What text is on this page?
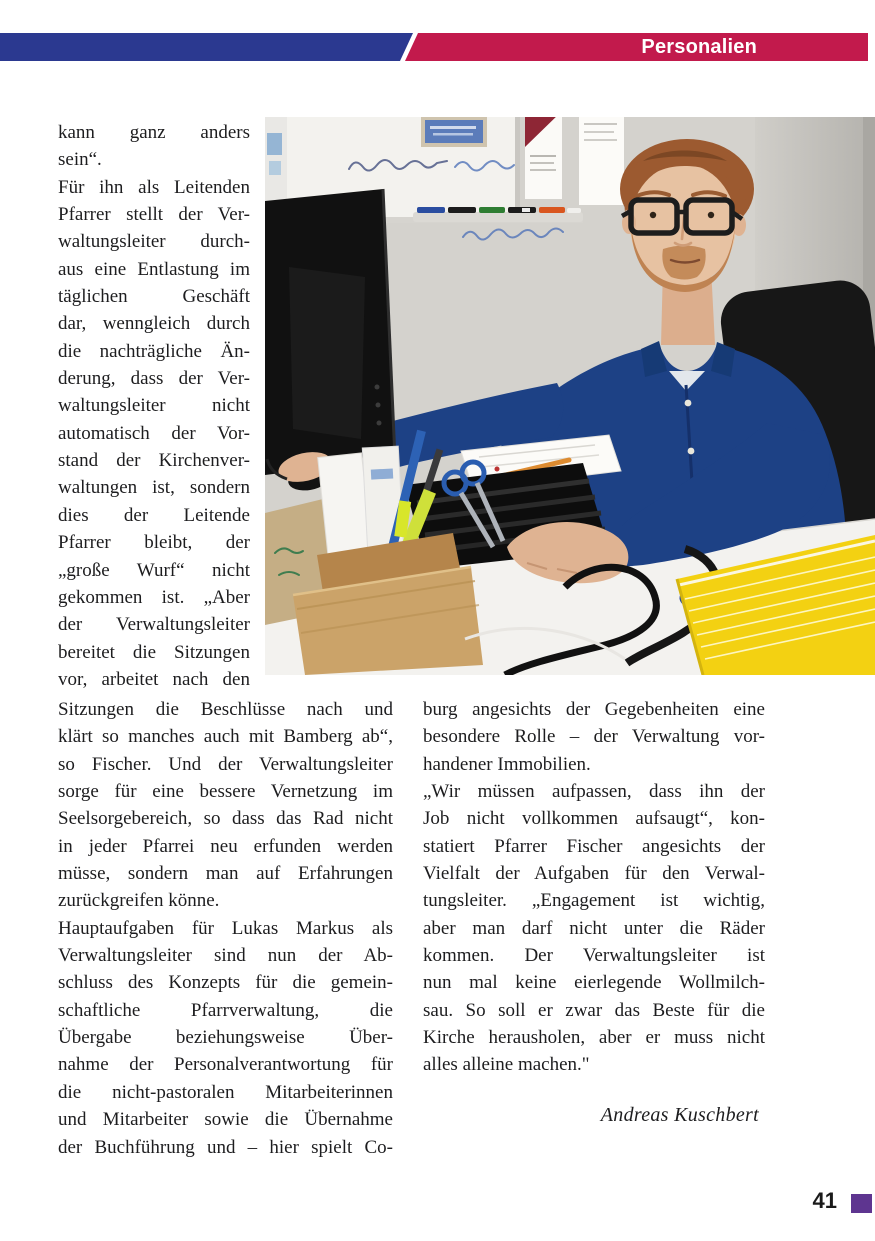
Personalien
kann ganz anders
sein“.
Für ihn als Leitenden
Pfarrer stellt der Ver-
waltungsleiter durch-
aus eine Entlastung im
täglichen Geschäft
dar, wenngleich durch
die nachträgliche Än-
derung, dass der Ver-
waltungsleiter nicht
automatisch der Vor-
stand der Kirchenver-
waltungen ist, sondern
dies der Leitende
Pfarrer bleibt, der
„große Wurf“ nicht
gekommen ist. „Aber
der Verwaltungsleiter
bereitet die Sitzungen
vor, arbeitet nach den
Sitzungen die Beschlüsse nach und
klärt so manches auch mit Bamberg ab“,
so Fischer. Und der Verwaltungsleiter
sorge für eine bessere Vernetzung im
Seelsorgebereich, so dass das Rad nicht
in jeder Pfarrei neu erfunden werden
müsse, sondern man auf Erfahrungen
zurückgreifen könne.
Hauptaufgaben für Lukas Markus als
Verwaltungsleiter sind nun der Ab-
schluss des Konzepts für die gemein-
schaftliche Pfarrverwaltung, die
Übergabe beziehungsweise Über-
nahme der Personalverantwortung für
die nicht-pastoralen Mitarbeiterinnen
und Mitarbeiter sowie die Übernahme
der Buchführung und – hier spielt Co-
burg angesichts der Gegebenheiten eine
besondere Rolle – der Verwaltung vor-
handener Immobilien.
„Wir müssen aufpassen, dass ihn der
Job nicht vollkommen aufsaugt“, kon-
statiert Pfarrer Fischer angesichts der
Vielfalt der Aufgaben für den Verwal-
tungsleiter. „Engagement ist wichtig,
aber man darf nicht unter die Räder
kommen. Der Verwaltungsleiter ist
nun mal keine eierlegende Wollmilch-
sau. So soll er zwar das Beste für die
Kirche herausholen, aber er muss nicht
alles alleine machen."
Andreas Kuschbert
41
